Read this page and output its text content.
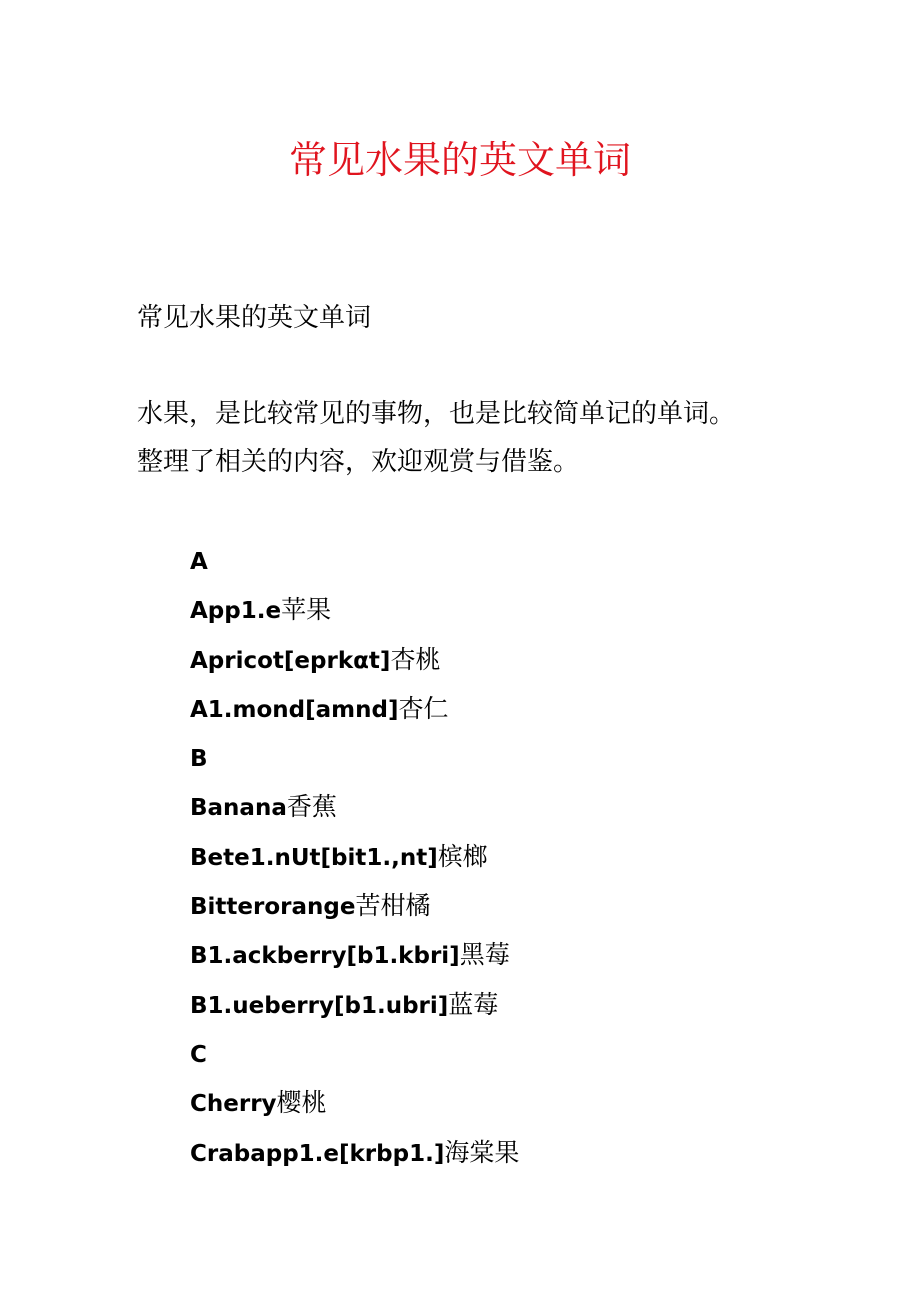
常见水果的英文单词

常见水果的英文单词

水果，是比较常见的事物，也是比较简单记的单词。
整理了相关的内容，欢迎观赏与借鉴。

A
App1.e苹果
Apricot[eprkαt]杏桃
A1.mond[amnd]杏仁
B
Banana香蕉
Bete1.nUt[bit1.,nt]槟榔
Bitterorange苦柑橘
B1.ackberry[b1.kbri]黑莓
B1.ueberry[b1.ubri]蓝莓
C
Cherry樱桃
Crabapp1.e[krbp1.]海棠果
